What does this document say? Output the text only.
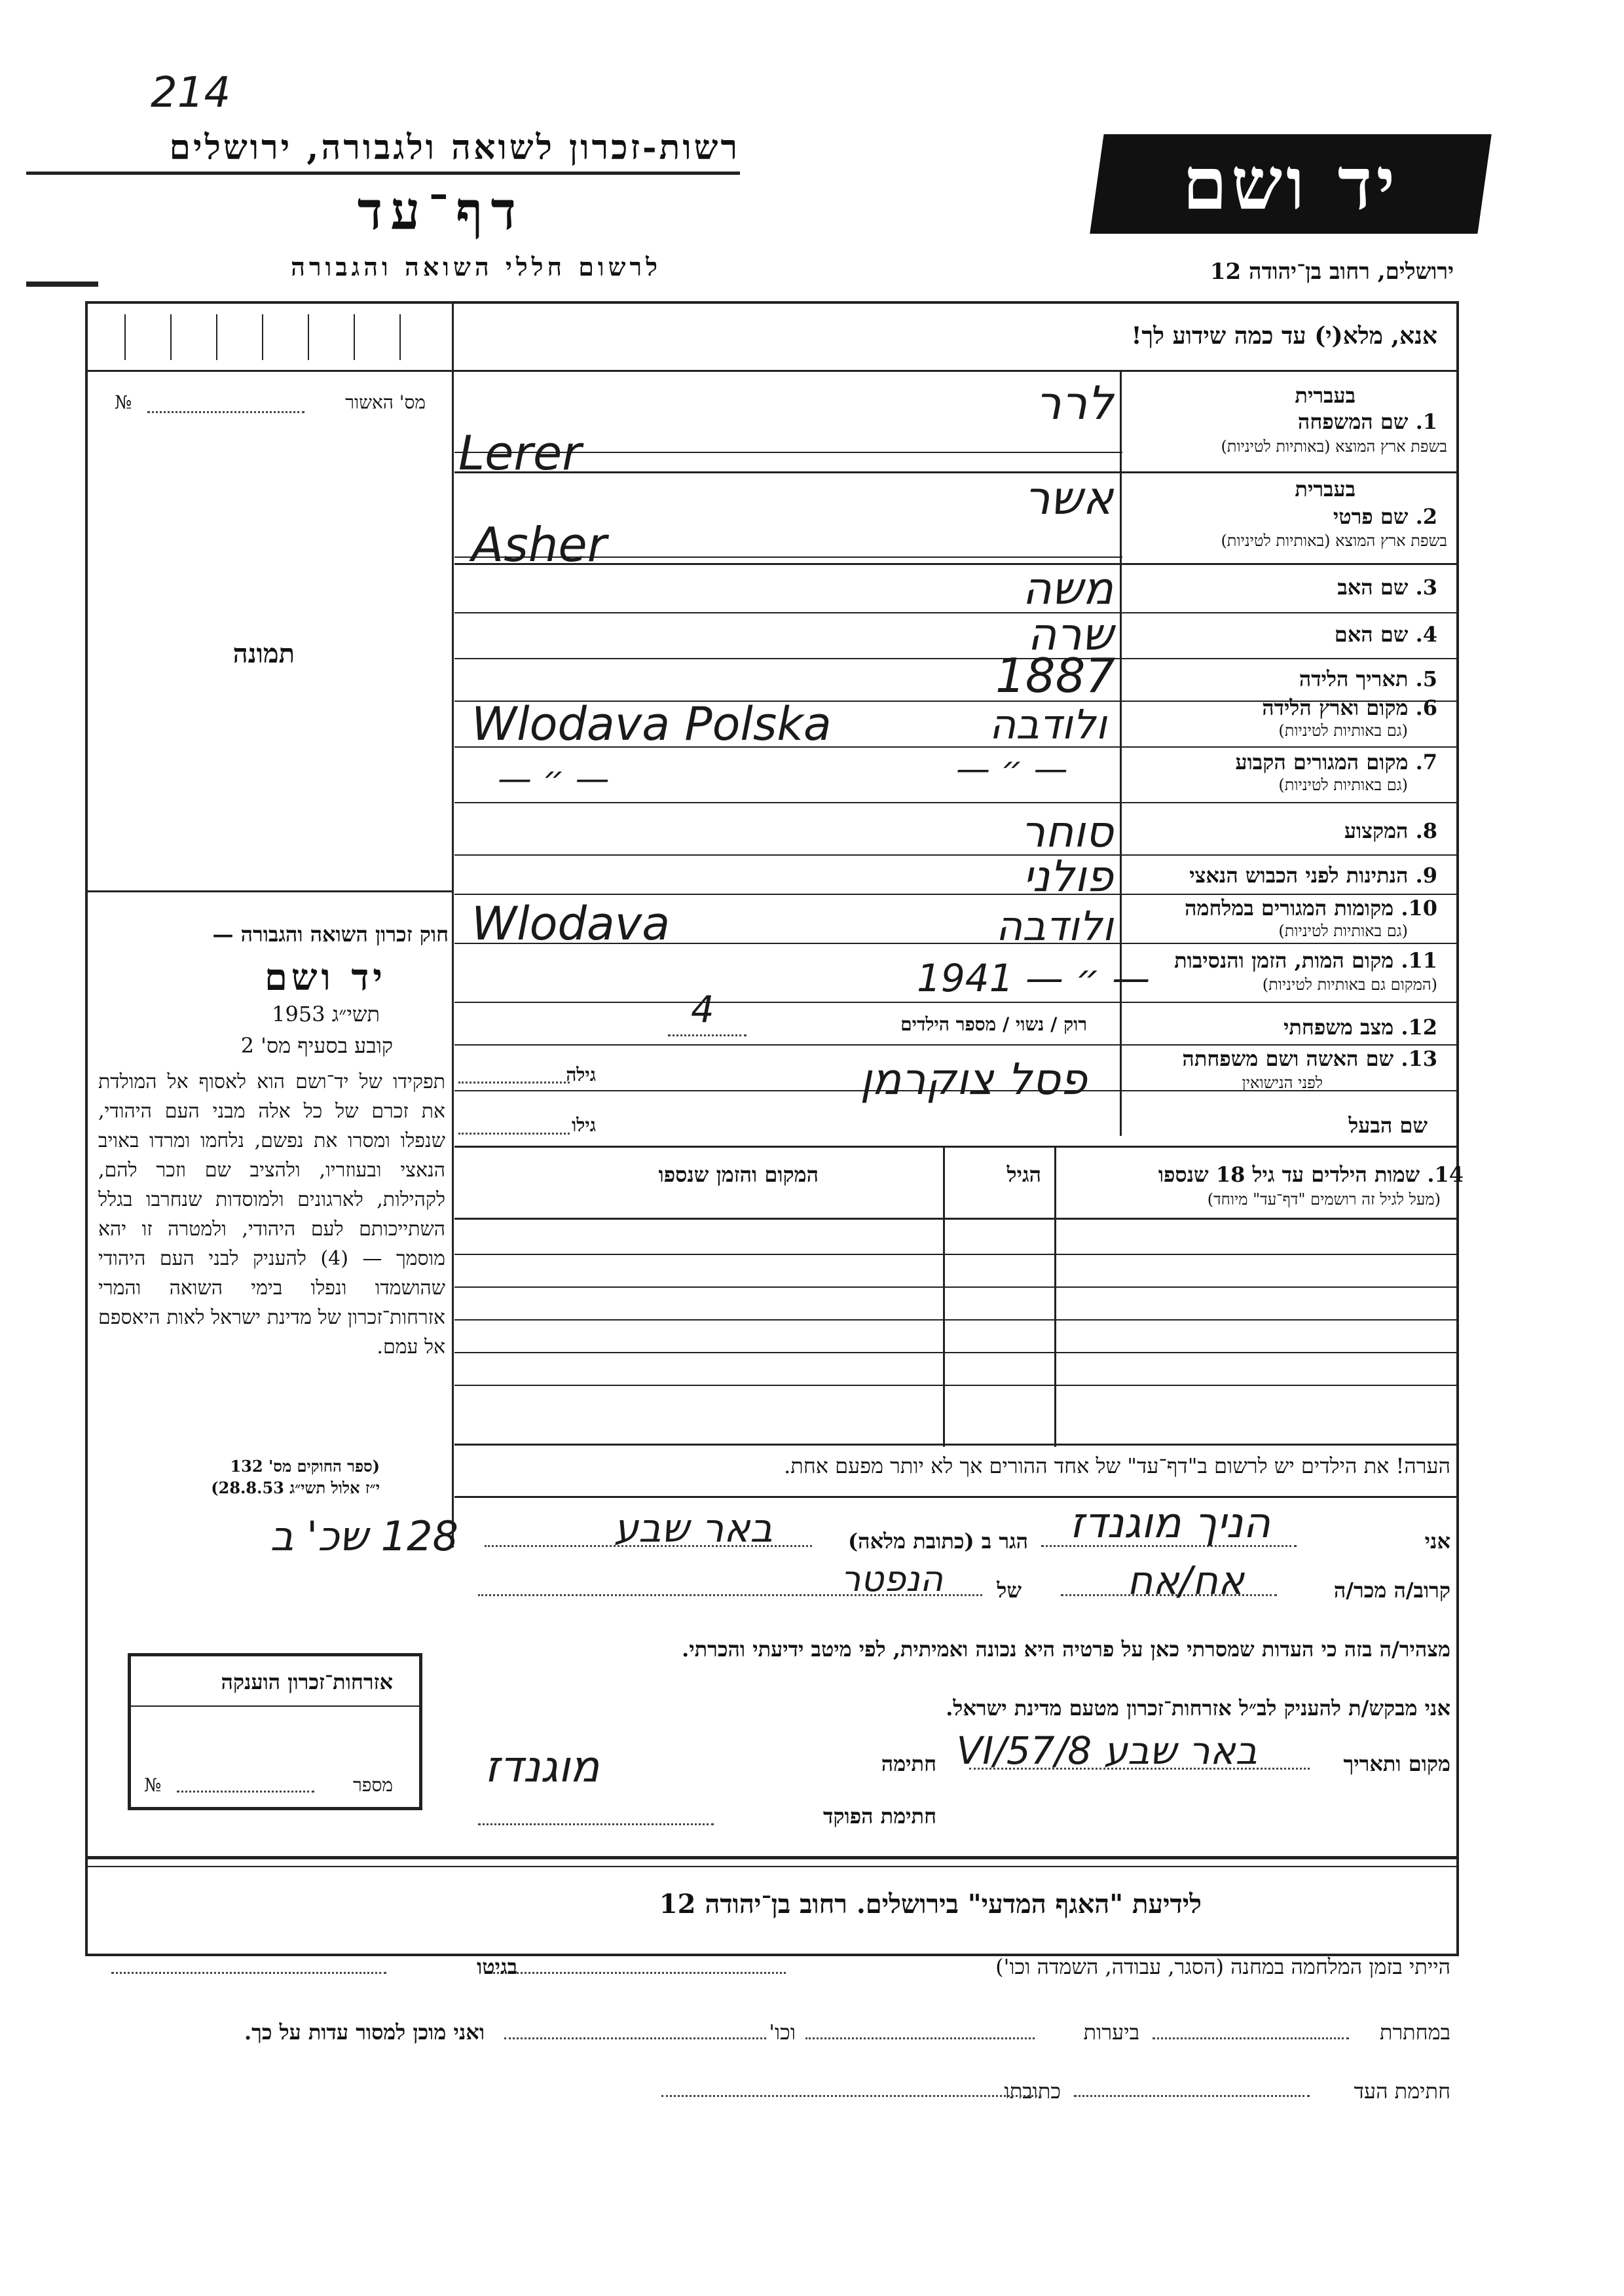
214
רשות-זכרון לשואה ולגבורה, ירושלים
דף־עד
לרשום חללי השואה והגבורה
יד ושם
ירושלים, רחוב בן־יהודה 12
אנא, מלא(י) עד כמה שידוע לך!
מס' האשור
№
תמונה
בעברית
1. שם המשפחה
בשפת ארץ המוצא (באותיות לטיניות)
לרר
Lerer
בעברית
2. שם פרטי
בשפת ארץ המוצא (באותיות לטיניות)
אשר
Asher
3. שם האב
משה
4. שם האם
שרה
5. תאריך הלידה
1887
6. מקום וארץ הלידה
(גם באותיות לטיניות)
Wlodava Polska	ולודבה
7. מקום המגורים הקבוע
(גם באותיות לטיניות)
— ״ —	— ״ —
8. המקצוע
סוחר
9. הנתינות לפני הכבוש הנאצי
פולני
10. מקומות המגורים במלחמה
(גם באותיות לטיניות)
Wlodava	ולודבה
11. מקום המות, הזמן והנסיבות
(המקום גם באותיות לטיניות)
1941 — ״ —
12. מצב משפחתי
רוק / נשוי / מספר הילדים
4
13. שם האשה ושם משפחתה
לפני הנישואין
פסל צוקרמן
גילה
שם הבעל
גילו
14. שמות הילדים עד גיל 18 שנספו
(מעל לגיל זה רושמים "דף־עד" מיוחד)
הגיל
המקום והזמן שנספו
הערה! את הילדים יש לרשום ב"דף־עד" של אחד ההורים אך לא יותר מפעם אחת.
חוק זכרון השואה והגבורה —
יד ושם
תשי״ג 1953
קובע בסעיף מס' 2
תפקידו של יד־ושם הוא לאסוף אל המולדת את זכרם של כל אלה מבני העם היהודי, שנפלו ומסרו את נפשם, נלחמו ומרדו באויב הנאצי ובעוזריו, ולהציב שם וזכר להם, לקהילות, לארגונים ולמוסדות שנחרבו בגלל השתייכותם לעם היהודי, ולמטרה זו יהא מוסמך — (4) להעניק לבני העם היהודי שהושמדו ונפלו בימי השואה והמרי אזרחות־זכרון של מדינת ישראל לאות היאספם אל עמם.
(ספר החוקים מס' 132
י״ז אלול תשי״ג 28.8.53)
אני
הניך מוגנדז
הגר ב (כתובת מלאה)
באר שבע
128 שכ' ב
קרוב/ה מכר/ה
אח/אח
של
הנפטר
מצהיר/ה בזה כי העדות שמסרתי כאן על פרטיה היא נכונה ואמיתית, לפי מיטב ידיעתי והכרתי.
אני מבקש/ת להעניק לב״ל אזרחות־זכרון מטעם מדינת ישראל.
מקום ותאריך
באר שבע 8/VI/57
חתימה
מוגנדז
חתימת הפוקד
אזרחות־זכרון הוענקה
מספר
№
לידיעת "האגף המדעי" בירושלים. רחוב בן־יהודה 12
הייתי בזמן המלחמה במחנה (הסגר, עבודה, השמדה וכו')
בגיטו
במחתרת
ביערות
וכו'
ואני מוכן למסור עדות על כך.
חתימת העד
כתובתו
